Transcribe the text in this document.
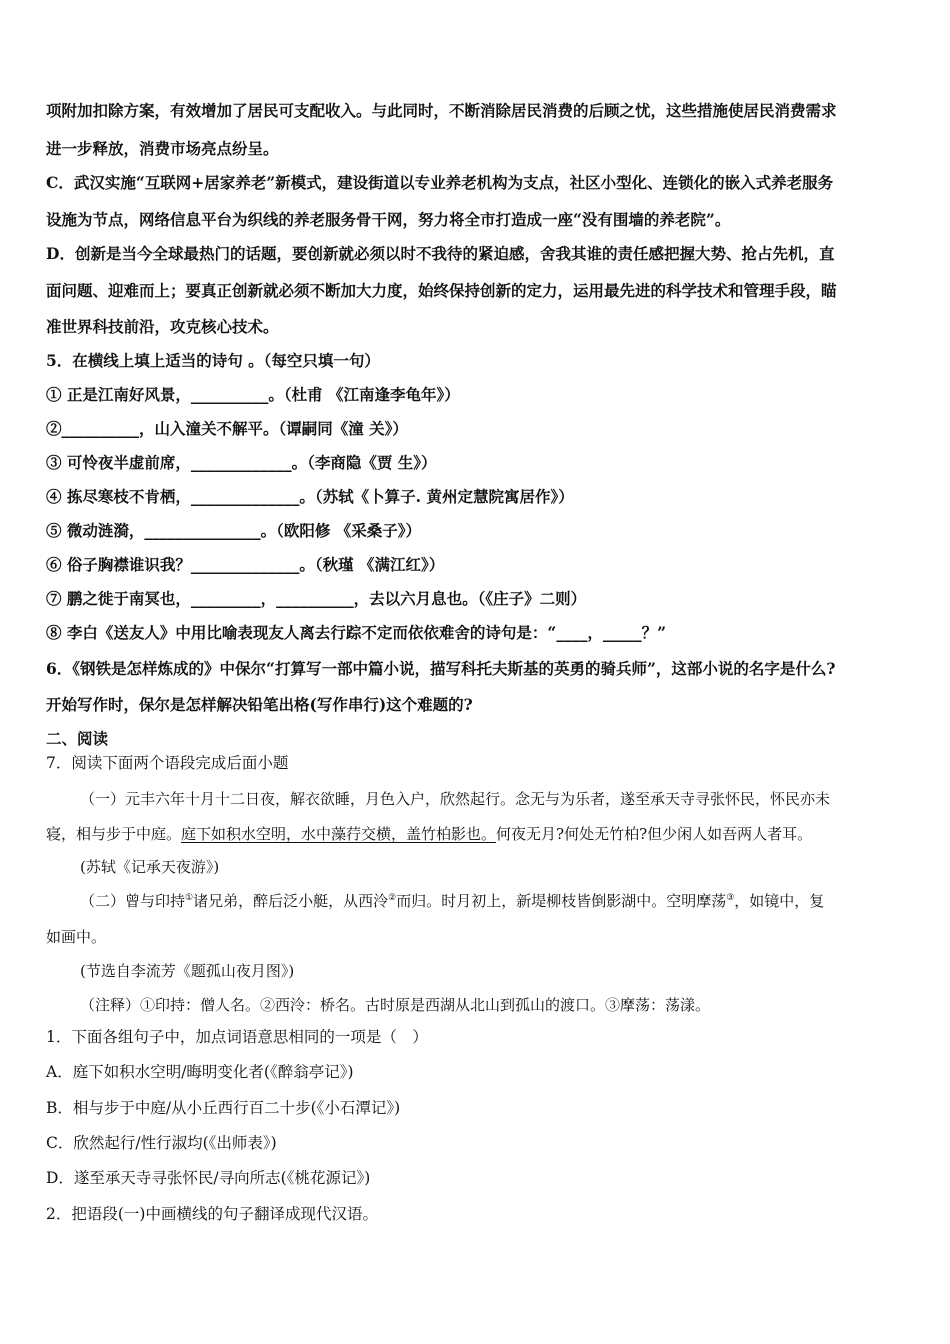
项附加扣除方案，有效增加了居民可支配收入。与此同时，不断消除居民消费的后顾之忧，这些措施使居民消费需求
进一步释放，消费市场亮点纷呈。
C．武汉实施“互联网+居家养老”新模式，建设街道以专业养老机构为支点，社区小型化、连锁化的嵌入式养老服务
设施为节点，网络信息平台为织线的养老服务骨干网，努力将全市打造成一座“没有围墙的养老院”。
D．创新是当今全球最热门的话题，要创新就必须以时不我待的紧迫感，舍我其谁的责任感把握大势、抢占先机，直
面问题、迎难而上；要真正创新就必须不断加大力度，始终保持创新的定力，运用最先进的科学技术和管理手段，瞄
准世界科技前沿，攻克核心技术。
5．在横线上填上适当的诗句 。（每空只填一句）
① 正是江南好风景，__________。（杜甫 《江南逢李龟年》）
②__________，山入潼关不解平。（谭嗣同《潼 关》）
③ 可怜夜半虚前席，_____________。（李商隐《贾 生》）
④ 拣尽寒枝不肯栖，______________。（苏轼《卜算子. 黄州定慧院寓居作》）
⑤ 微动涟漪，_______________。（欧阳修 《采桑子》）
⑥ 俗子胸襟谁识我？______________。（秋瑾 《满江红》）
⑦ 鹏之徙于南冥也，_________，__________，去以六月息也。（《庄子》二则）
⑧ 李白《送友人》中用比喻表现友人离去行踪不定而依依难舍的诗句是：“____，_____？”
6．《钢铁是怎样炼成的》中保尔“打算写一部中篇小说，描写科托夫斯基的英勇的骑兵师”，这部小说的名字是什么?
开始写作时，保尔是怎样解决铅笔出格(写作串行)这个难题的?
二、阅读
7．阅读下面两个语段完成后面小题
（一）元丰六年十月十二日夜，解衣欲睡，月色入户，欣然起行。念无与为乐者，遂至承天寺寻张怀民，怀民亦未
寝，相与步于中庭。庭下如积水空明，水中藻荇交横，盖竹柏影也。何夜无月?何处无竹柏?但少闲人如吾两人者耳。
(苏轼《记承天夜游》)
（二）曾与印持①诸兄弟，醉后泛小艇，从西泠②而归。时月初上，新堤柳枝皆倒影湖中。空明摩荡③，如镜中，复
如画中。
(节选自李流芳《题孤山夜月图》)
（注释）①印持：僧人名。②西泠：桥名。古时原是西湖从北山到孤山的渡口。③摩荡：荡漾。
1．下面各组句子中，加点词语意思相同的一项是（　）
A．庭下如积水空明/晦明变化者(《醉翁亭记》)
B．相与步于中庭/从小丘西行百二十步(《小石潭记》)
C．欣然起行/性行淑均(《出师表》)
D．遂至承天寺寻张怀民/寻向所志(《桃花源记》)
2．把语段(一)中画横线的句子翻译成现代汉语。
